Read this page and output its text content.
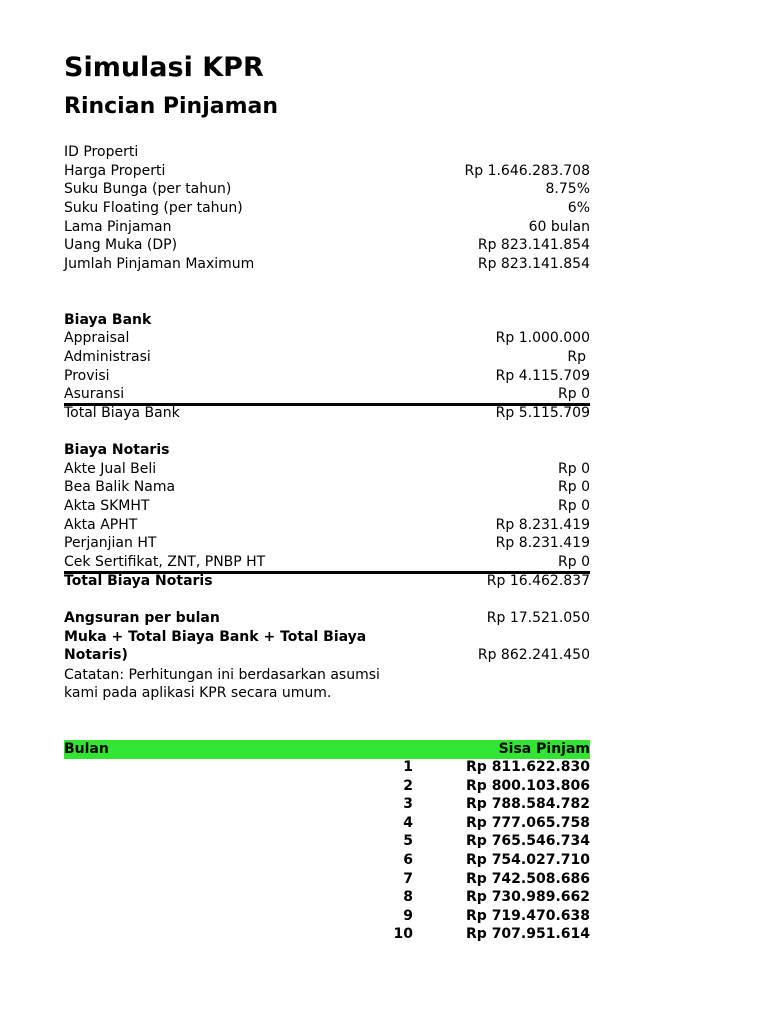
Simulasi KPR
Rincian Pinjaman
ID Properti
Harga Properti	Rp 1.646.283.708
Suku Bunga (per tahun)	8.75%
Suku Floating (per tahun)	6%
Lama Pinjaman	60 bulan
Uang Muka (DP)	Rp 823.141.854
Jumlah Pinjaman Maximum	Rp 823.141.854
Biaya Bank
Appraisal	Rp 1.000.000
Administrasi	Rp
Provisi	Rp 4.115.709
Asuransi	Rp 0
Total Biaya Bank	Rp 5.115.709
Biaya Notaris
Akte Jual Beli	Rp 0
Bea Balik Nama	Rp 0
Akta SKMHT	Rp 0
Akta APHT	Rp 8.231.419
Perjanjian HT	Rp 8.231.419
Cek Sertifikat, ZNT, PNBP HT	Rp 0
Total Biaya Notaris	Rp 16.462.837
Angsuran per bulan	Rp 17.521.050
Muka + Total Biaya Bank + Total Biaya
Notaris)	Rp 862.241.450
Catatan: Perhitungan ini berdasarkan asumsi
kami pada aplikasi KPR secara umum.
Bulan	Sisa Pinjam
1	Rp 811.622.830
2	Rp 800.103.806
3	Rp 788.584.782
4	Rp 777.065.758
5	Rp 765.546.734
6	Rp 754.027.710
7	Rp 742.508.686
8	Rp 730.989.662
9	Rp 719.470.638
10	Rp 707.951.614
